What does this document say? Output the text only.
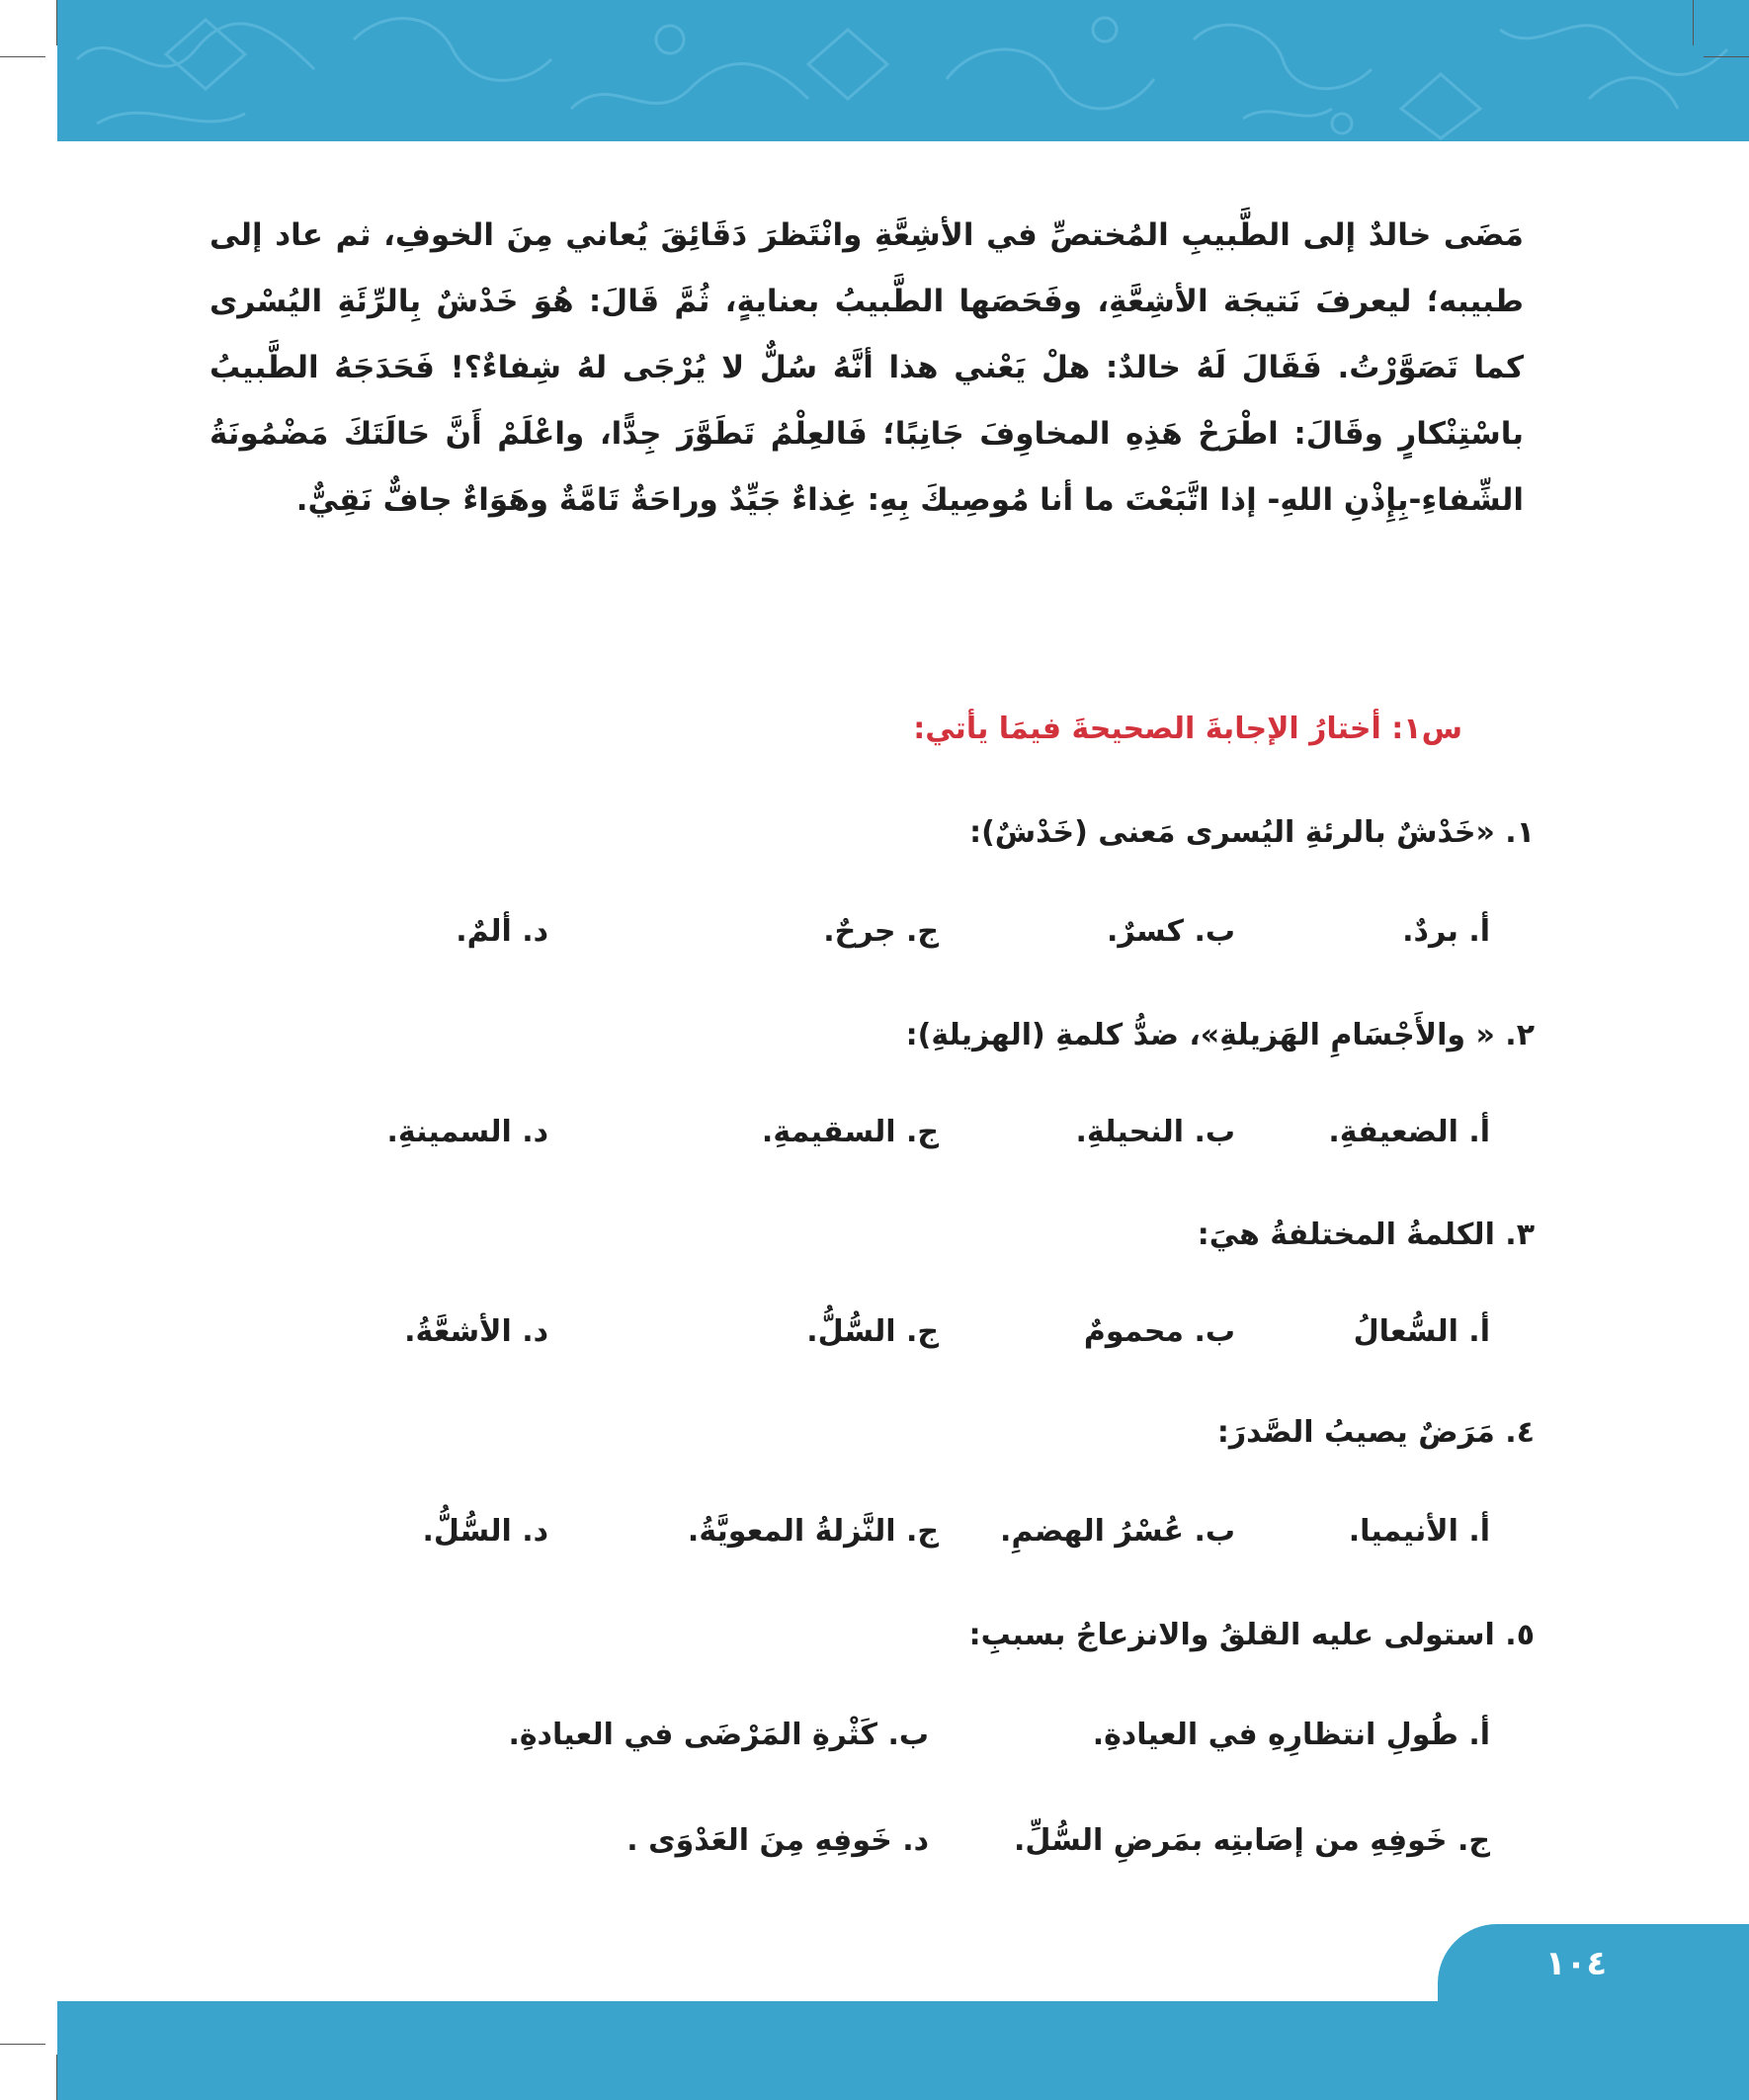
مَضَى خالدٌ إلى الطَّبيبِ المُختصِّ في الأشِعَّةِ وانْتَظرَ دَقَائِقَ يُعاني مِنَ الخوفِ، ثم عاد إلى طبيبه؛ ليعرفَ نَتيجَة الأشِعَّةِ، وفَحَصَها الطَّبيبُ بعنايةٍ، ثُمَّ قَالَ: هُوَ خَدْشٌ بِالرِّئَةِ اليُسْرى كما تَصَوَّرْتُ. فَقَالَ لَهُ خالدٌ: هلْ يَعْني هذا أنَّهُ سُلٌّ لا يُرْجَى لهُ شِفاءٌ؟! فَحَدَجَهُ الطَّبيبُ باسْتِنْكارٍ وقَالَ: اطْرَحْ هَذِهِ المخاوِفَ جَانِبًا؛ فَالعِلْمُ تَطَوَّرَ جِدًّا، واعْلَمْ أَنَّ حَالَتَكَ مَضْمُونَةُ الشِّفاءِ-بِإِذْنِ اللهِ- إذا اتَّبَعْتَ ما أنا مُوصِيكَ بِهِ: غِذاءٌ جَيِّدٌ وراحَةٌ تَامَّةٌ وهَوَاءٌ جافٌّ نَقِيٌّ.
س١: أختارُ الإجابةَ الصحيحةَ فيمَا يأتي:
١. «خَدْشٌ بالرئةِ اليُسرى مَعنى (خَدْشٌ):
أ. بردٌ.
ب. كسرٌ.
ج. جرحٌ.
د. ألمٌ.
٢. « والأَجْسَامِ الهَزيلةِ»، ضدُّ كلمةِ (الهزيلةِ):
أ. الضعيفةِ.
ب. النحيلةِ.
ج. السقيمةِ.
د. السمينةِ.
٣. الكلمةُ المختلفةُ هيَ:
أ. السُّعالُ
ب. محمومٌ
ج. السُّلُّ.
د. الأشعَّةُ.
٤. مَرَضٌ يصيبُ الصَّدرَ:
أ. الأنيميا.
ب. عُسْرُ الهضمِ.
ج. النَّزلةُ المعويَّةُ.
د. السُّلُّ.
٥. استولى عليه القلقُ والانزعاجُ بسببِ:
أ. طُولِ انتظارِهِ في العيادةِ.
ب. كَثْرةِ المَرْضَى في العيادةِ.
ج. خَوفِهِ من إصَابتِه بمَرضِ السُّلِّ.
د. خَوفِهِ مِنَ العَدْوَى .
١٠٤
